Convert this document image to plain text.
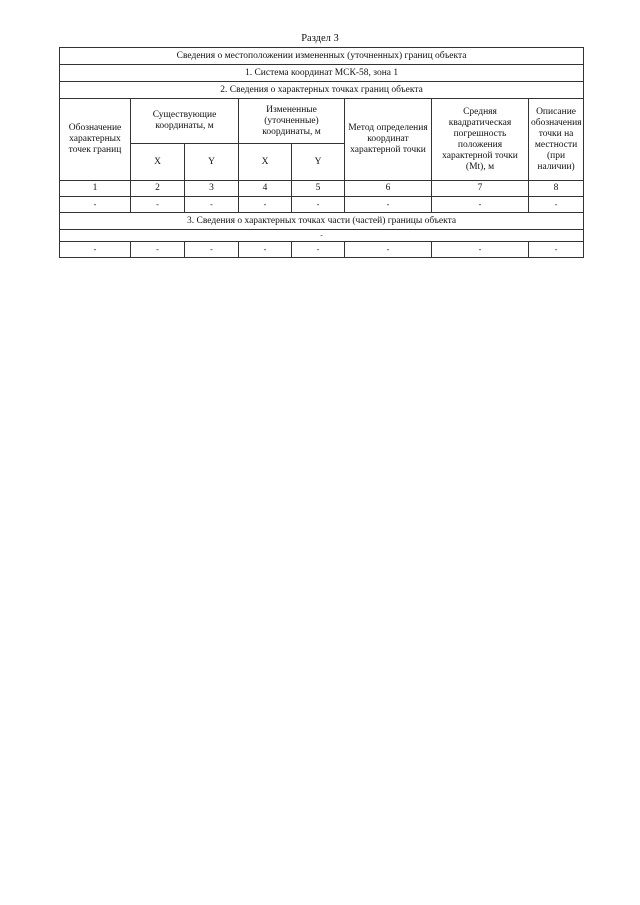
Раздел 3
Сведения о местоположении измененных (уточненных) границ объекта							
1. Система координат МСК-58, зона 1							
2. Сведения о характерных точках границ объекта							
Обозначение характерных точек границ	Существующие координаты, м		Измененные (уточненные) координаты, м		Метод определения координат характерной точки	Средняя квадратическая погрешность положения характерной точки (Mt), м	Описание обозначения точки на местности (при наличии)
	X	Y	X	Y			
1	2	3	4	5	6	7	8
-	-	-	-	-	-	-	-
3. Сведения о характерных точках части (частей) границы объекта							
-							
-	-	-	-	-	-	-	-
